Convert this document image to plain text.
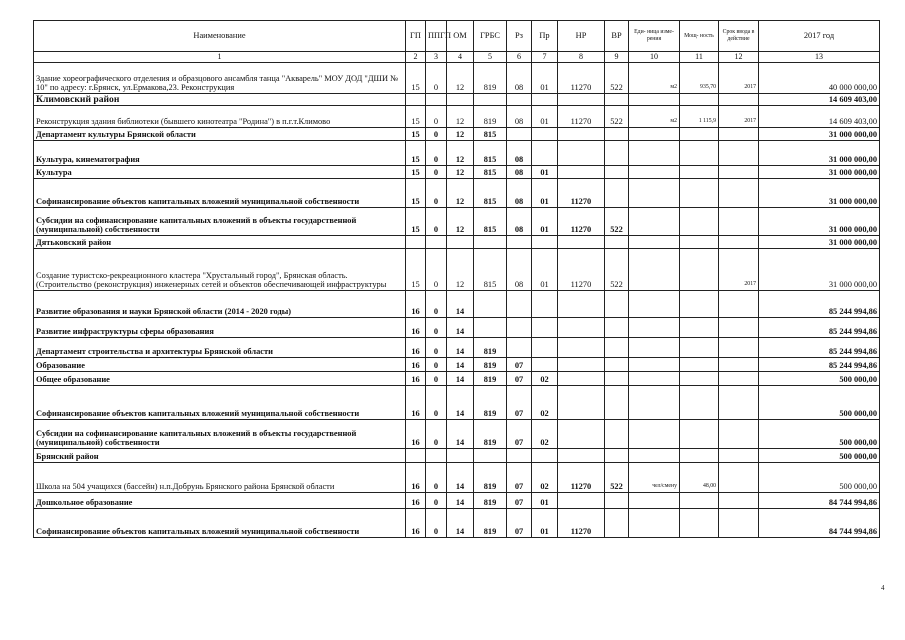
Наименование	ГП	ППГП	ОМ	ГРБС	Рз	Пр	НР	ВР	Еди- ница изме- рения	Мощ- ность	Срок ввода в действие	2017 год
1	2	3	4	5	6	7	8	9	10	11	12	13
Здание хореографического отделения и образцового ансамбля танца "Акварель" МОУ ДОД "ДШИ № 10" по адресу: г.Брянск, ул.Ермакова,23. Реконструкция	15	0	12	819	08	01	11270	522	м2	935,70	2017	40 000 000,00
Климовский район												14 609 403,00
Реконструкция здания библиотеки (бывшего кинотеатра "Родина") в п.г.т.Климово	15	0	12	819	08	01	11270	522	м2	1 115,9	2017	14 609 403,00
Департамент культуры Брянской области	15	0	12	815								31 000 000,00
Культура, кинематография	15	0	12	815	08							31 000 000,00
Культура	15	0	12	815	08	01						31 000 000,00
Софинансирование объектов капитальных вложений муниципальной собственности	15	0	12	815	08	01	11270					31 000 000,00
Субсидии на софинансирование капитальных вложений в объекты государственной (муниципальной) собственности	15	0	12	815	08	01	11270	522				31 000 000,00
Дятьковский район												31 000 000,00
Создание туристско-рекреационного кластера "Хрустальный город", Брянская область. (Строительство (реконструкция) инженерных сетей и объектов обеспечивающей инфраструктуры	15	0	12	815	08	01	11270	522			2017	31 000 000,00
Развитие образования и науки Брянской области (2014 - 2020 годы)	16	0	14									85 244 994,86
Развитие инфраструктуры сферы образования	16	0	14									85 244 994,86
Департамент строительства и архитектуры Брянской области	16	0	14	819								85 244 994,86
Образование	16	0	14	819	07							85 244 994,86
Общее образование	16	0	14	819	07	02						500 000,00
Софинансирование объектов капитальных вложений муниципальной собственности	16	0	14	819	07	02						500 000,00
Субсидии на софинансирование капитальных вложений в объекты государственной (муниципальной) собственности	16	0	14	819	07	02						500 000,00
Брянский район												500 000,00
Школа на 504 учащихся (бассейн) н.п.Добрунь Брянского района Брянской области	16	0	14	819	07	02	11270	522	чел/смену	48,00		500 000,00
Дошкольное образование	16	0	14	819	07	01						84 744 994,86
Софинансирование объектов капитальных вложений муниципальной собственности	16	0	14	819	07	01	11270					84 744 994,86
4
